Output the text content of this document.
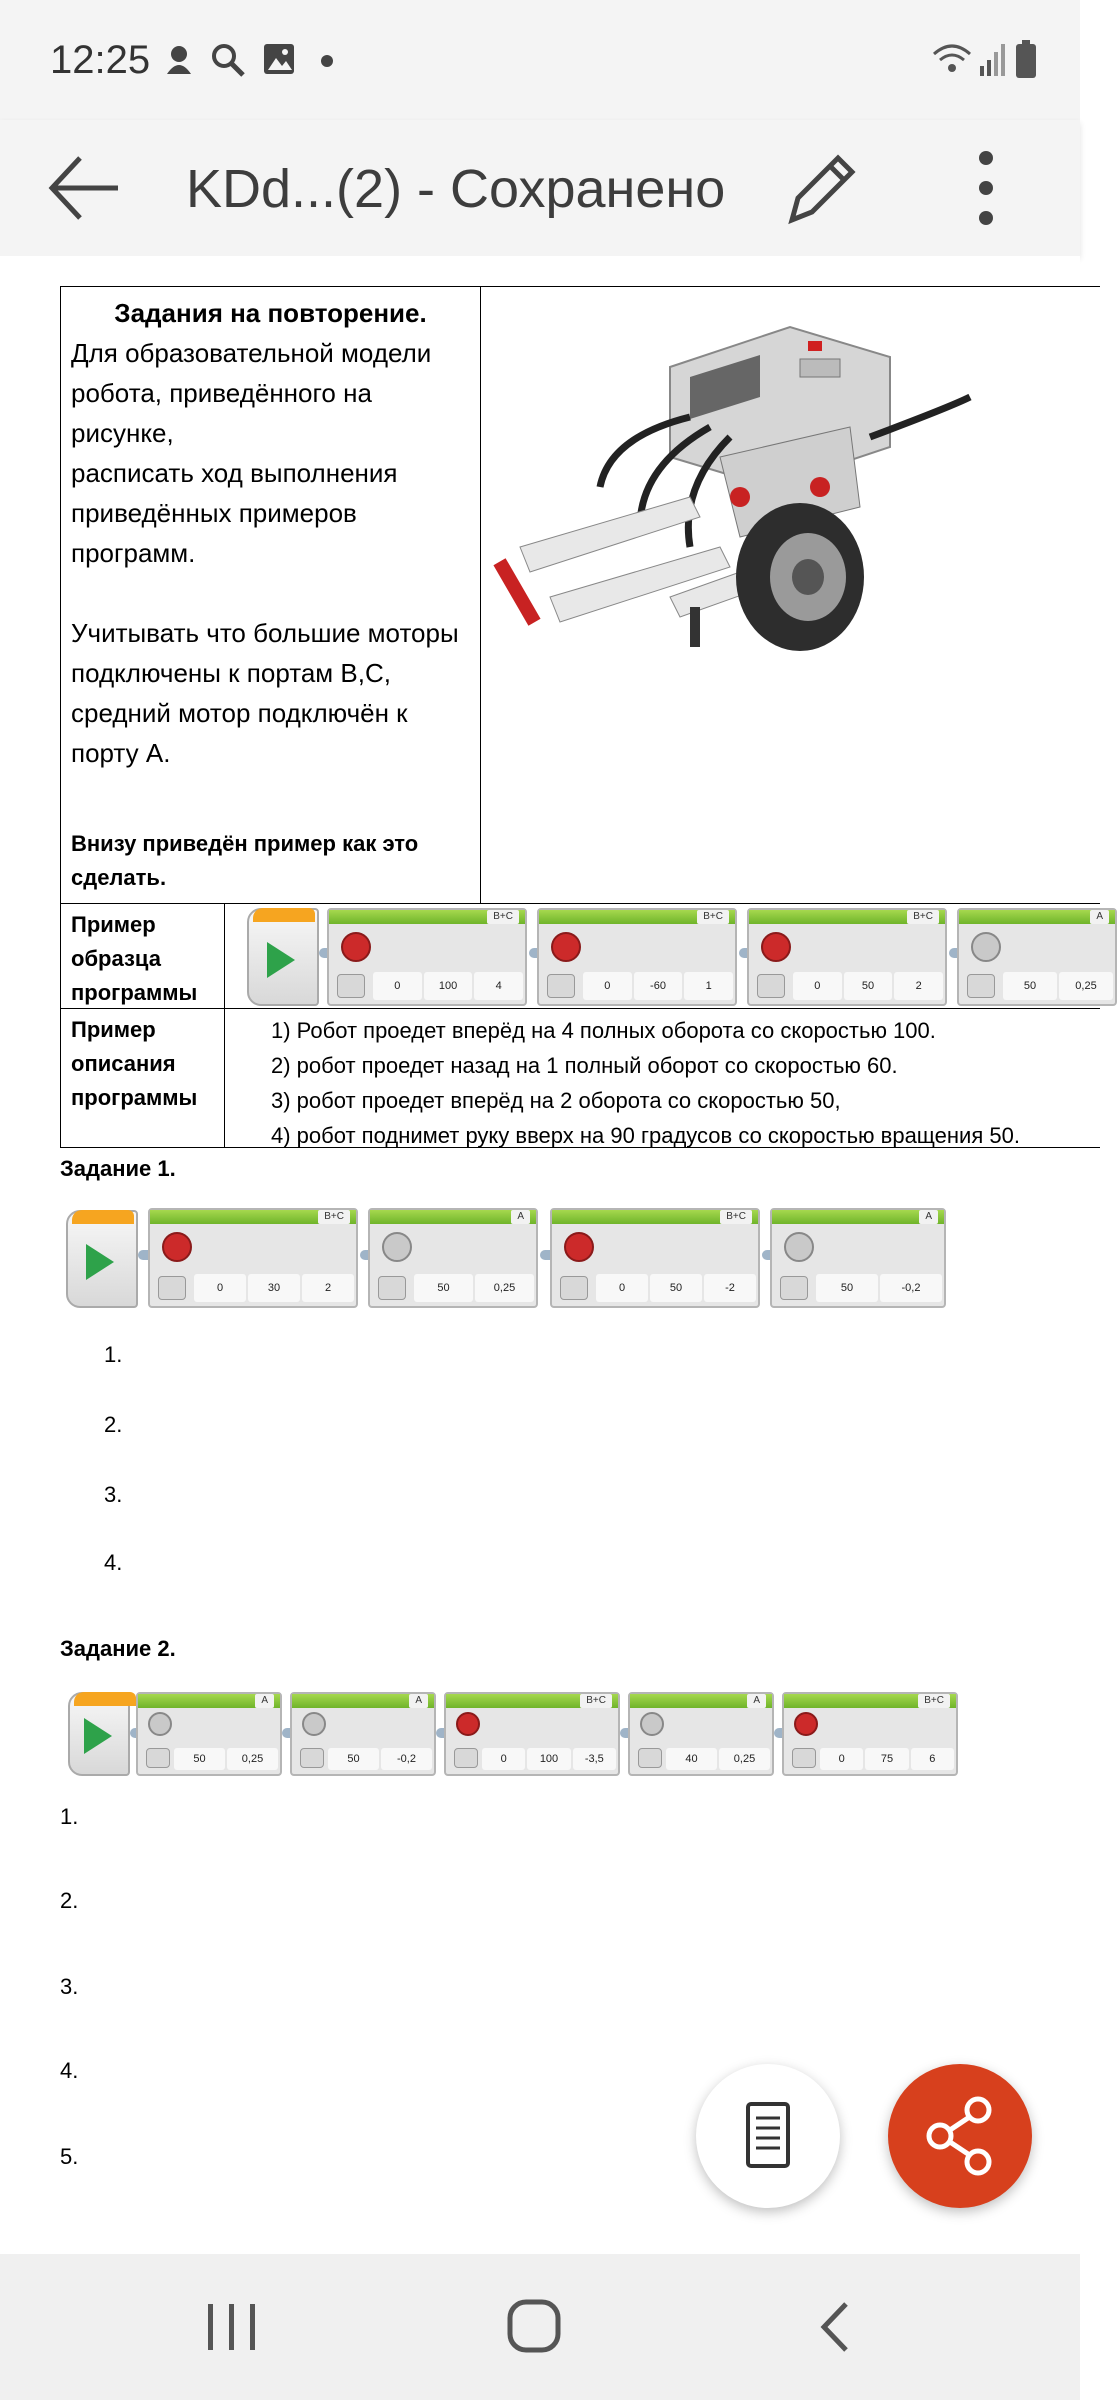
12:25
KDd...(2) - Сохранено
Задания на повторение.
Для образовательной модели
робота, приведённого на
рисунке,
расписать ход выполнения
приведённых примеров
программ.
Учитывать что большие моторы
подключены к портам B,C,
средний мотор подключён к
порту A.
Внизу приведён пример как это
сделать.
Пример образца программы
B+C
0	100	4
B+C
0	-60	1
B+C
0	50	2
A
50	0,25
Пример описания программы
1) Робот проедет вперёд на 4 полных оборота со скоростью 100.
2) робот проедет назад на 1 полный оборот со скоростью 60.
3) робот проедет вперёд на 2 оборота со скоростью 50,
4) робот поднимет руку вверх на 90 градусов со скоростью вращения 50.
Задание 1.
B+C
0	30	2
A
50	0,25
B+C
0	50	-2
A
50	-0,2
1.
2.
3.
4.
Задание 2.
A
50	0,25
A
50	-0,2
B+C
0	100	-3,5
A
40	0,25
B+C
0	75	6
1.
2.
3.
4.
5.
